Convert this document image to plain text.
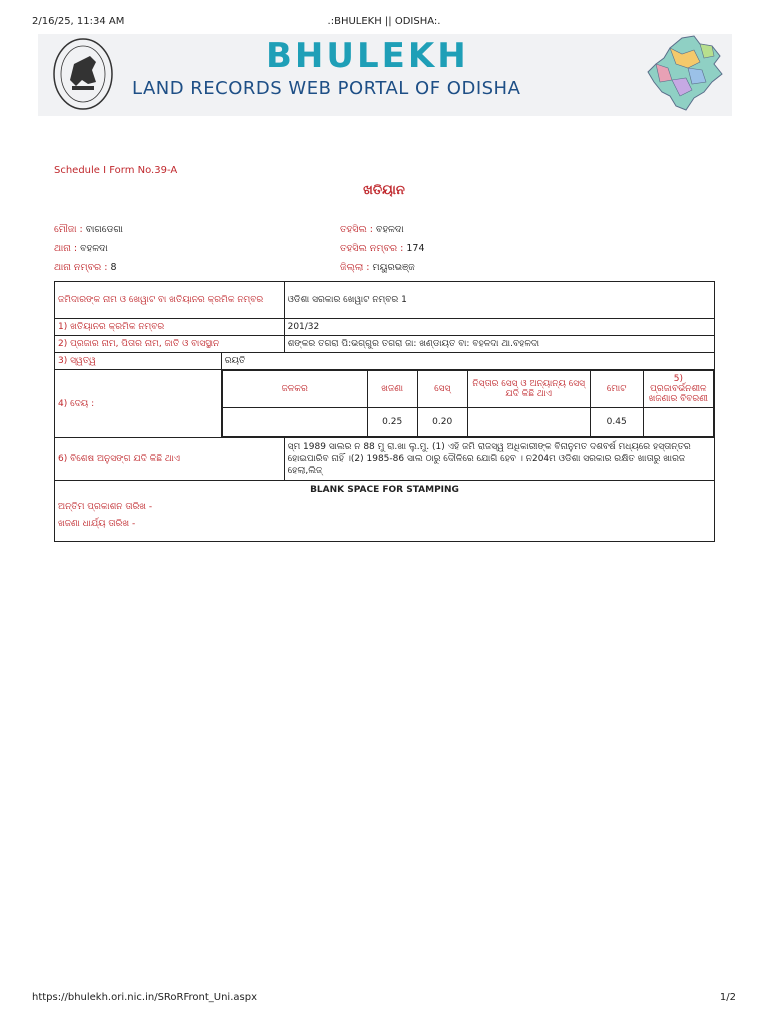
2/16/25, 11:34 AM	.:BHULEKH || ODISHA:.
BHULEKH
LAND RECORDS WEB PORTAL OF ODISHA
Schedule I Form No.39-A
ଖତିୟାନ
ମୌଜା : ବାଗଡେଗା	ତହସିଲ : ବହଳଦା
ଥାନା : ବହଳଦା	ତହସିଲ ନମ୍ବର : 174
ଥାନା ନମ୍ବର : 8	ଜିଲ୍ଲା : ମୟୁରଭଞ୍ଜ
ଜମିଦାରଙ୍କ ନାମ ଓ ଖେୱାଟ ବା ଖତିୟାନର କ୍ରମିକ ନମ୍ବର	ଓଡିଶା ସରକାର ଖେୱାଟ ନମ୍ବର 1
1) ଖତିୟାନର କ୍ରମିକ ନମ୍ବର	201/32
2) ପ୍ରଜାର ନାମ, ପିତାର ନାମ, ଜାତି ଓ ବାସସ୍ଥାନ	ଶଙ୍କର ତଗରା ପି:ଭଗ୍ଗୁର ତଗରା ଜା: ଖଣ୍ଡାୟତ ବା: ବହଳଦା ଥା.ବହଳଦା
3) ସ୍ୱତ୍ୱ	ରୟତି
4) ଦେୟ :	
ଜଳକର	ଖଜଣା	ସେସ୍	ନିସ୍ତାର ସେସ୍ ଓ ଅନ୍ୟାନ୍ୟ ସେସ୍ ଯଦି କିଛି ଥାଏ	ମୋଟ	5) ପ୍ରଜାବର୍ଭନଶୀଳ ଖଜଣାର ବିବରଣୀ
	0.25	0.20		0.45	

6) ବିଶେଷ ଅନୁସଙ୍ଗ ଯଦି କିଛି ଥାଏ	ସ୍ମ 1989 ସାଲର ନ 88 ମୁ ରା.ଖା ଲୁ.ମୁ. (1) ଏହି ଜମି ରାଜସ୍ୱ ଅଧିକାରୀଙ୍କ ବିନାନୁମତ ଦଶବର୍ଷ ମଧ୍ୟରେ ହସ୍ତାନ୍ତର ହୋଇପାରିବ ନାହିଁ ।(2) 1985-86 ସାଲ ଠାରୁ ଦୌଳିରେ ଯୋଗି ହେବ । ନ204ମ ଓଡିଶା ସରକାର ରକ୍ଷିତ ଖାତାରୁ ଖାରଜ ହେଲା,ଲିଜ୍

BLANK SPACE FOR STAMPING
ଅନ୍ତିମ ପ୍ରକାଶନ ତାରିଖ -
ଖଜଣା ଧାର୍ଯ୍ୟ ତାରିଖ -
https://bhulekh.ori.nic.in/SRoRFront_Uni.aspx	1/2
